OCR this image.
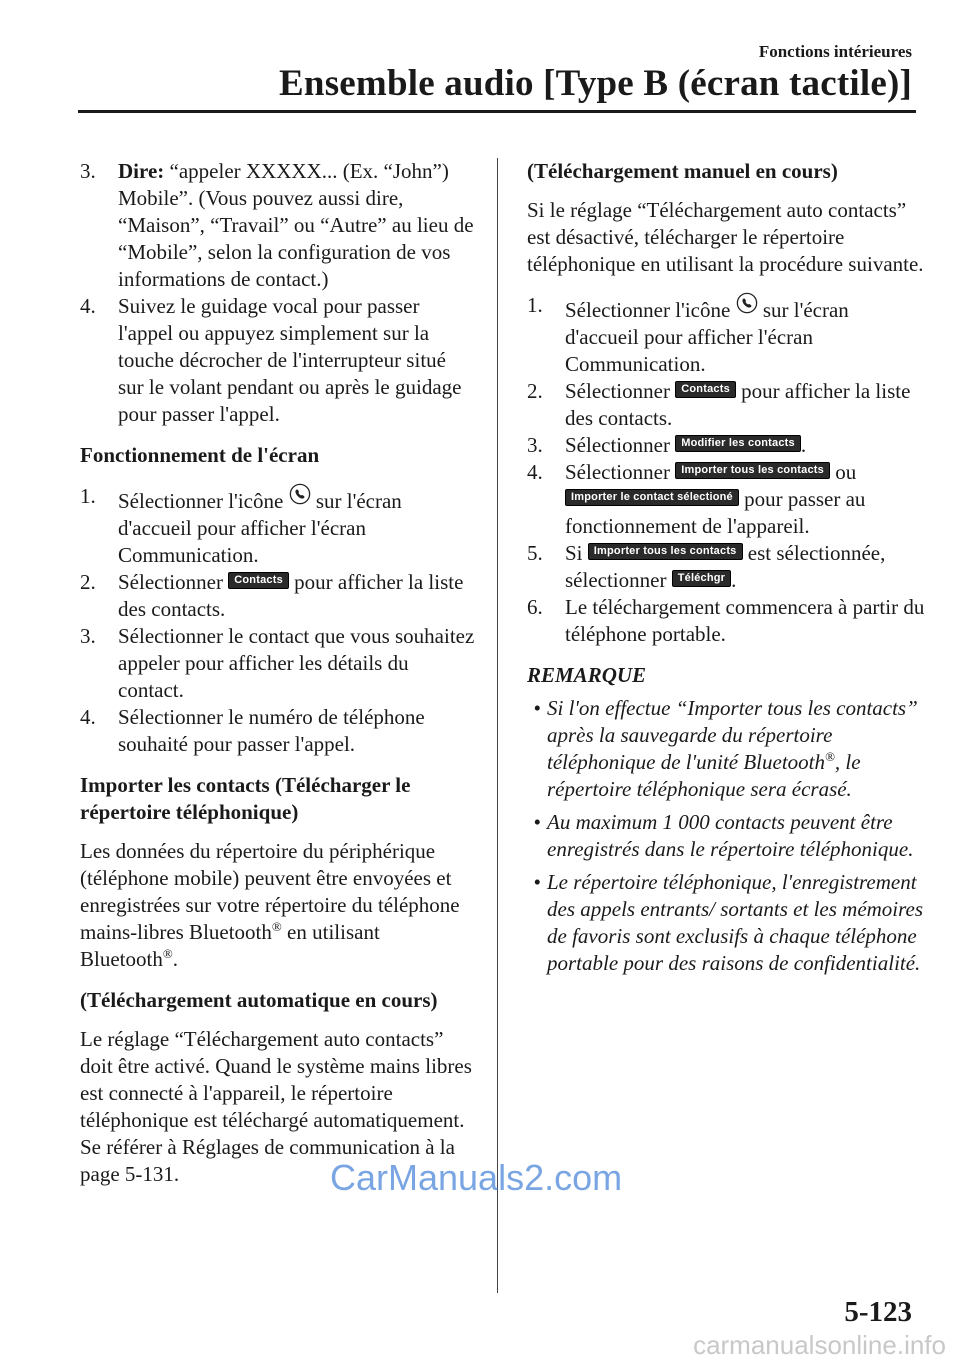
Fonctions intérieures
Ensemble audio [Type B (écran tactile)]
3.	Dire: “appeler XXXXX... (Ex. “John”) Mobile”. (Vous pouvez aussi dire, “Maison”, “Travail” ou “Autre” au lieu de “Mobile”, selon la configuration de vos informations de contact.)
4.	Suivez le guidage vocal pour passer l'appel ou appuyez simplement sur la touche décrocher de l'interrupteur situé sur le volant pendant ou après le guidage pour passer l'appel.
Fonctionnement de l'écran
1.	Sélectionner l'icône  sur l'écran d'accueil pour afficher l'écran Communication.
2.	Sélectionner Contacts pour afficher la liste des contacts.
3.	Sélectionner le contact que vous souhaitez appeler pour afficher les détails du contact.
4.	Sélectionner le numéro de téléphone souhaité pour passer l'appel.
Importer les contacts (Télécharger le répertoire téléphonique)
Les données du répertoire du périphérique (téléphone mobile) peuvent être envoyées et enregistrées sur votre répertoire du téléphone mains-libres Bluetooth® en utilisant Bluetooth®.
(Téléchargement automatique en cours)
Le réglage “Téléchargement auto contacts” doit être activé. Quand le système mains libres est connecté à l'appareil, le répertoire téléphonique est téléchargé automatiquement.
Se référer à Réglages de communication à la page 5-131.
(Téléchargement manuel en cours)
Si le réglage “Téléchargement auto contacts” est désactivé, télécharger le répertoire téléphonique en utilisant la procédure suivante.
1.	Sélectionner l'icône  sur l'écran d'accueil pour afficher l'écran Communication.
2.	Sélectionner Contacts pour afficher la liste des contacts.
3.	Sélectionner Modifier les contacts .
4.	Sélectionner Importer tous les contacts ou Importer le contact sélectioné pour passer au fonctionnement de l'appareil.
5.	Si Importer tous les contacts est sélectionnée, sélectionner Téléchgr .
6.	Le téléchargement commencera à partir du téléphone portable.
REMARQUE
• Si l'on effectue “Importer tous les contacts” après la sauvegarde du répertoire téléphonique de l'unité Bluetooth®, le répertoire téléphonique sera écrasé.
• Au maximum 1 000 contacts peuvent être enregistrés dans le répertoire téléphonique.
• Le répertoire téléphonique, l'enregistrement des appels entrants/ sortants et les mémoires de favoris sont exclusifs à chaque téléphone portable pour des raisons de confidentialité.
5-123
CarManuals2.com
carmanualsonline.info
